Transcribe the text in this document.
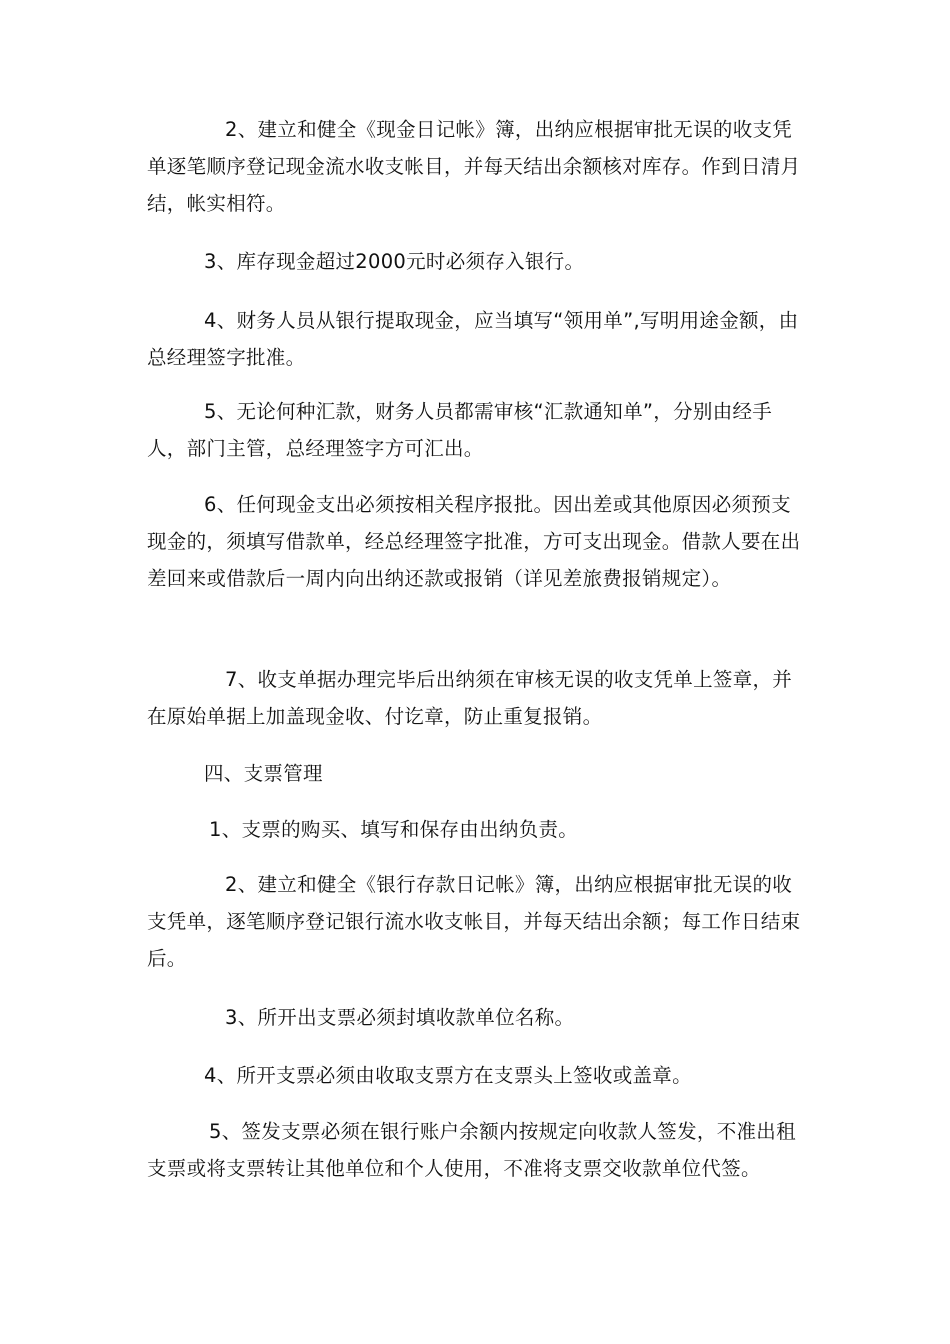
2、建立和健全《现金日记帐》簿，出纳应根据审批无误的收支凭单逐笔顺序登记现金流水收支帐目，并每天结出余额核对库存。作到日清月结，帐实相符。

3、库存现金超过2000元时必须存入银行。

4、财务人员从银行提取现金，应当填写“领用单”,写明用途金额，由总经理签字批准。

5、无论何种汇款，财务人员都需审核“汇款通知单”，分别由经手人，部门主管，总经理签字方可汇出。

6、任何现金支出必须按相关程序报批。因出差或其他原因必须预支现金的，须填写借款单，经总经理签字批准，方可支出现金。借款人要在出差回来或借款后一周内向出纳还款或报销（详见差旅费报销规定）。

7、收支单据办理完毕后出纳须在审核无误的收支凭单上签章，并在原始单据上加盖现金收、付讫章，防止重复报销。

四、支票管理

1、支票的购买、填写和保存由出纳负责。

2、建立和健全《银行存款日记帐》簿，出纳应根据审批无误的收支凭单，逐笔顺序登记银行流水收支帐目，并每天结出余额；每工作日结束后。

3、所开出支票必须封填收款单位名称。

4、所开支票必须由收取支票方在支票头上签收或盖章。

5、签发支票必须在银行账户余额内按规定向收款人签发，不准出租支票或将支票转让其他单位和个人使用，不准将支票交收款单位代签。
